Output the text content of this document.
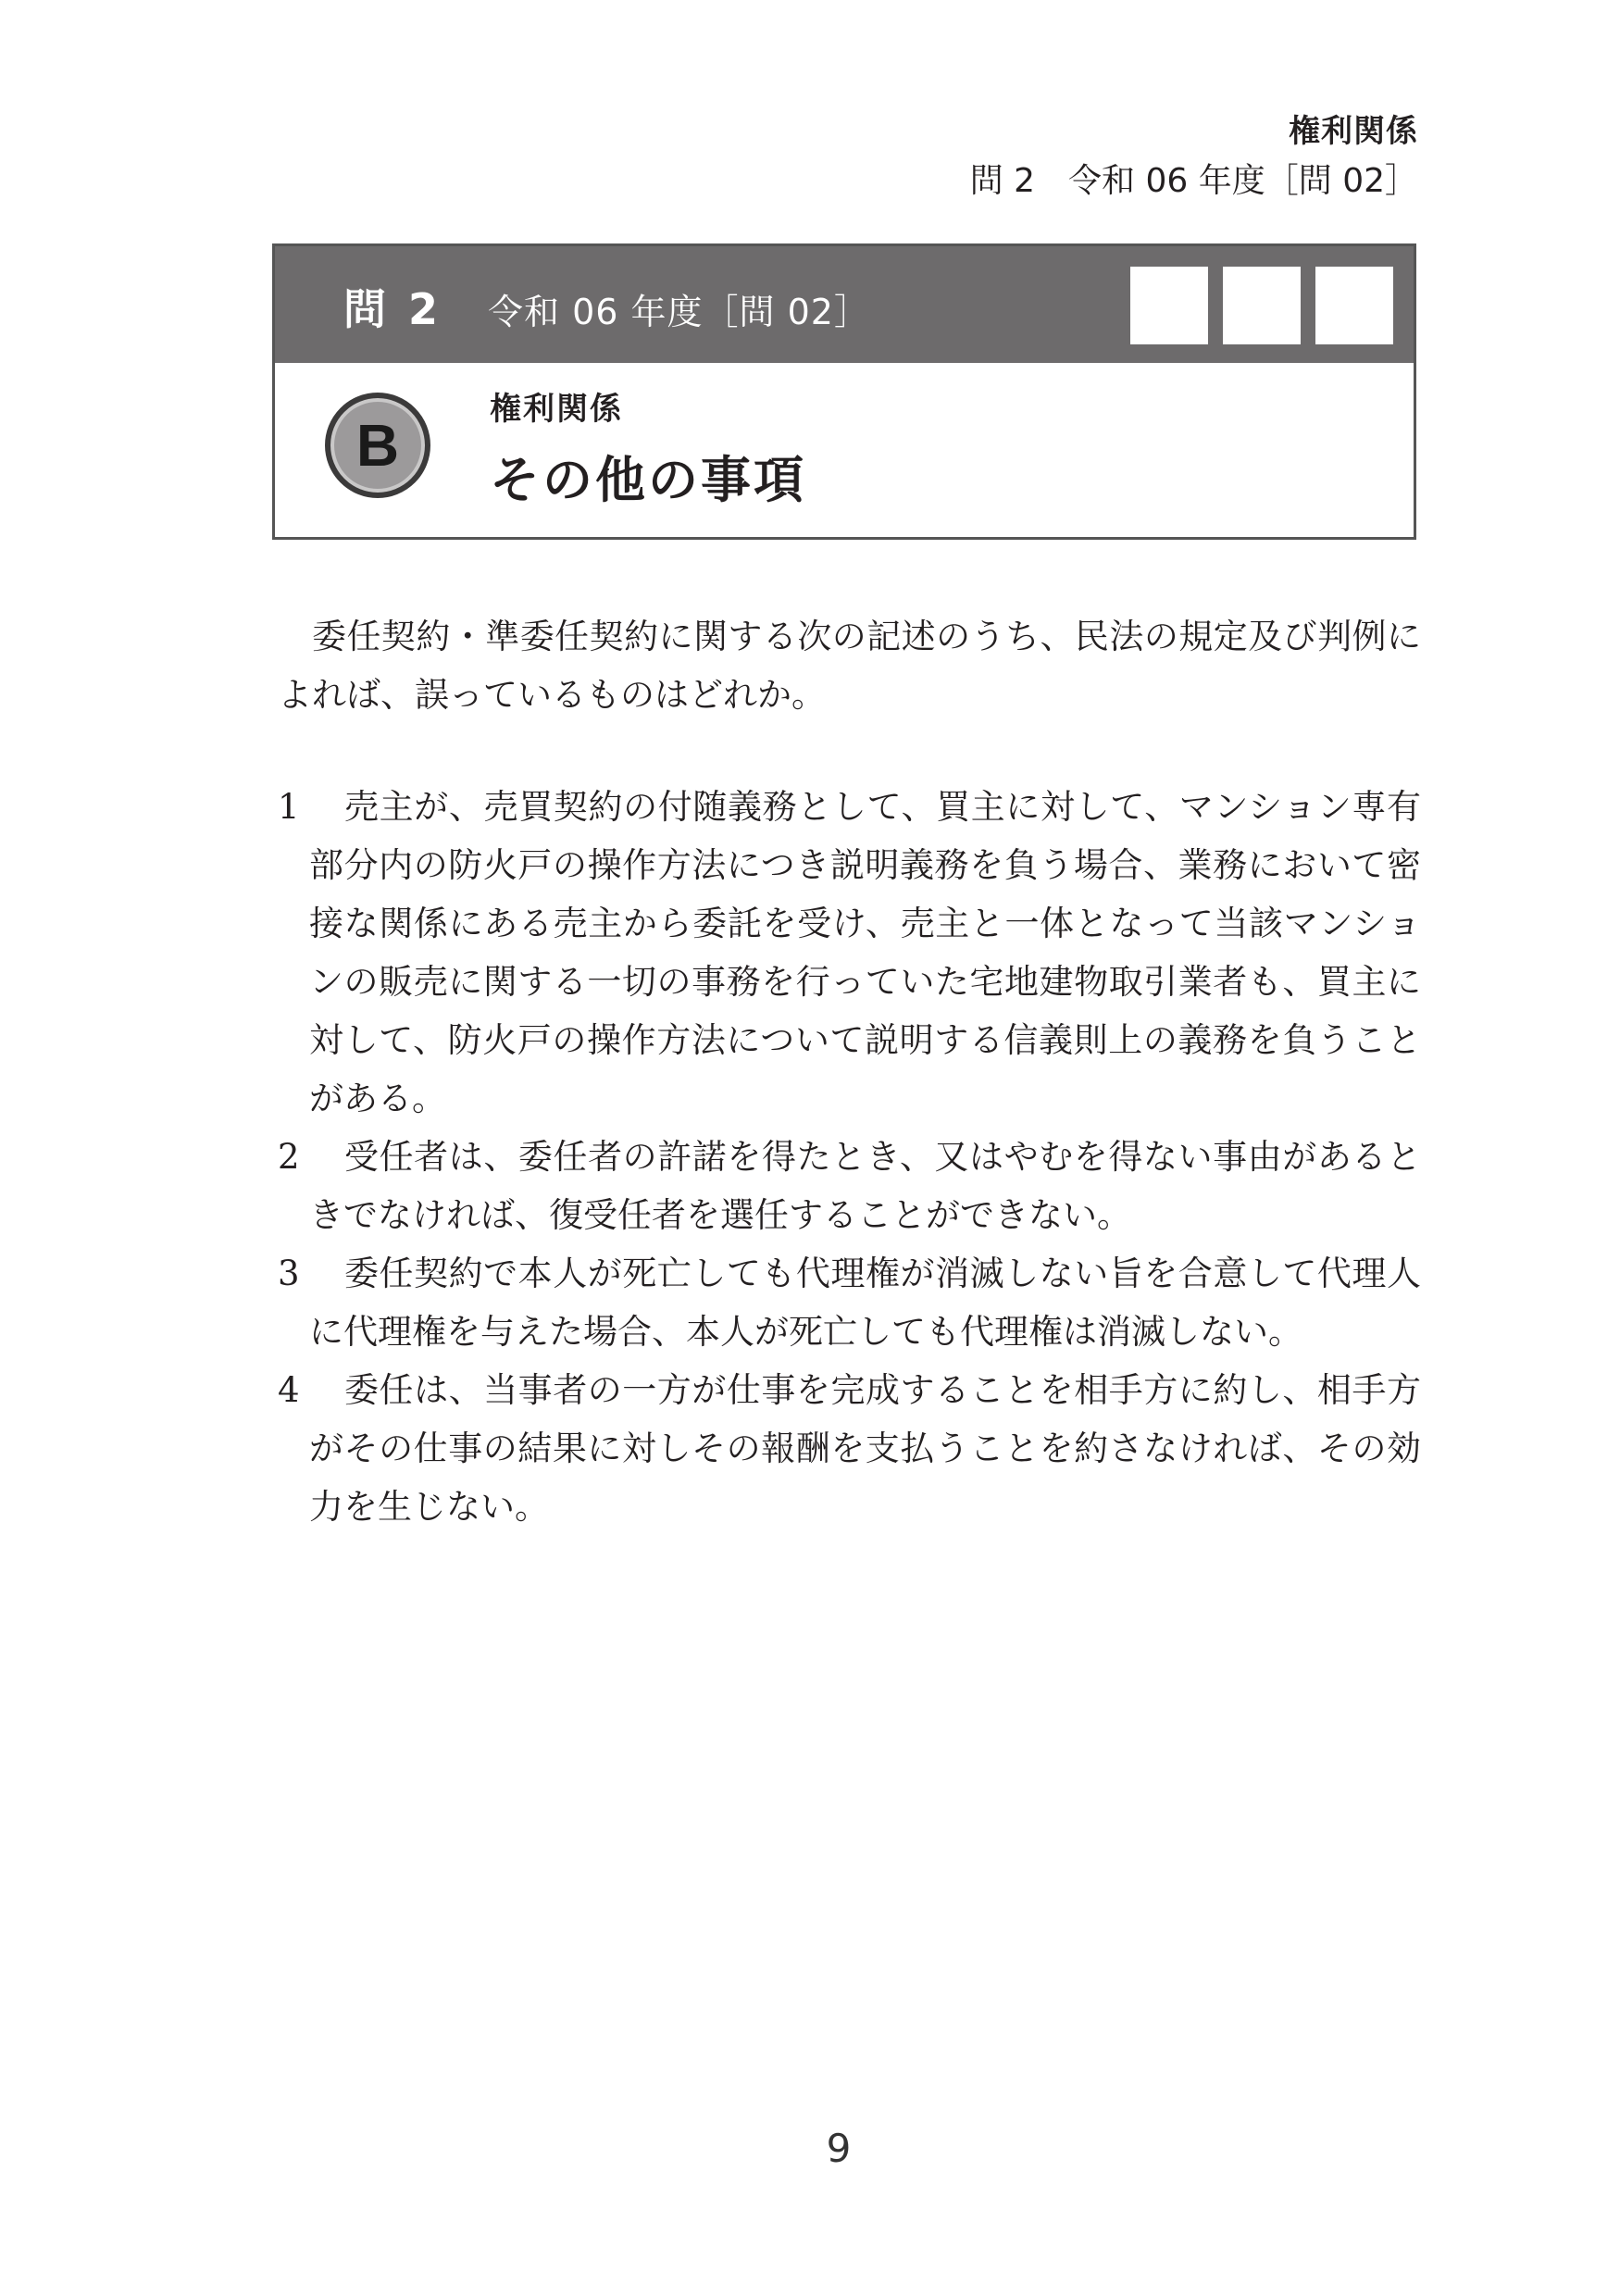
権利関係
問 2　令和 06 年度［問 02］
問 2 令和 06 年度［問 02］
B
権利関係
その他の事項
委任契約・準委任契約に関する次の記述のうち、民法の規定及び判例によれば、誤っているものはどれか。
1	売主が、売買契約の付随義務として、買主に対して、マンション専有部分内の防火戸の操作方法につき説明義務を負う場合、業務において密接な関係にある売主から委託を受け、売主と一体となって当該マンションの販売に関する一切の事務を行っていた宅地建物取引業者も、買主に対して、防火戸の操作方法について説明する信義則上の義務を負うことがある。
2	受任者は、委任者の許諾を得たとき、又はやむを得ない事由があるときでなければ、復受任者を選任することができない。
3	委任契約で本人が死亡しても代理権が消滅しない旨を合意して代理人に代理権を与えた場合、本人が死亡しても代理権は消滅しない。
4	委任は、当事者の一方が仕事を完成することを相手方に約し、相手方がその仕事の結果に対しその報酬を支払うことを約さなければ、その効力を生じない。
9
